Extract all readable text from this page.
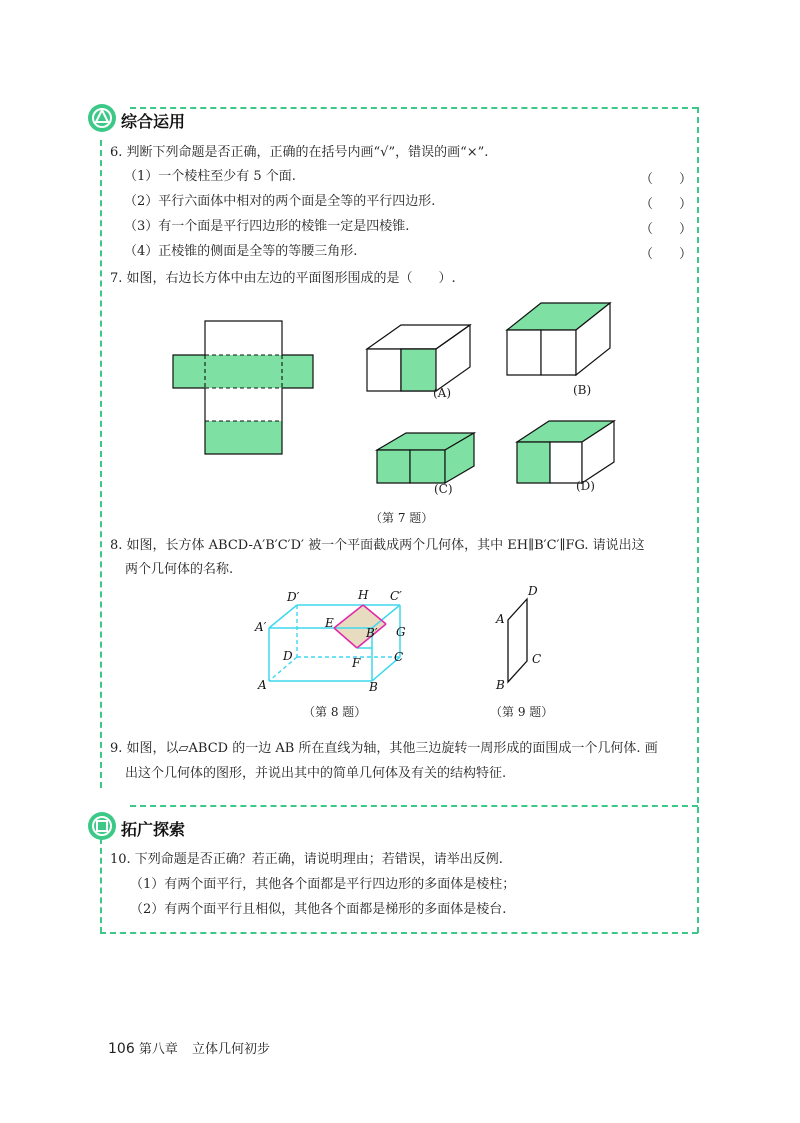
综合运用
6. 判断下列命题是否正确，正确的在括号内画“√”，错误的画“×”.
（1）一个棱柱至少有 5 个面.	（　　）
（2）平行六面体中相对的两个面是全等的平行四边形.	（　　）
（3）有一个面是平行四边形的棱锥一定是四棱锥.	（　　）
（4）正棱锥的侧面是全等的等腰三角形.	（　　）
7. 如图，右边长方体中由左边的平面图形围成的是（　　）.
(A)	(B)
(C)	(D)
（第 7 题）
8. 如图，长方体 ABCD-A′B′C′D′ 被一个平面截成两个几何体，其中 EH∥B′C′∥FG. 请说出这
两个几何体的名称.
D′	H C′
A′	E
B′ G
D	C
F
A	B
（第 8 题）
D
A
C
B
（第 9 题）
9. 如图，以▱ABCD 的一边 AB 所在直线为轴，其他三边旋转一周形成的面围成一个几何体. 画
出这个几何体的图形，并说出其中的简单几何体及有关的结构特征.
拓广探索
10. 下列命题是否正确？若正确，请说明理由；若错误，请举出反例.
（1）有两个面平行，其他各个面都是平行四边形的多面体是棱柱；
（2）有两个面平行且相似，其他各个面都是梯形的多面体是棱台.
106 第八章 立体几何初步
